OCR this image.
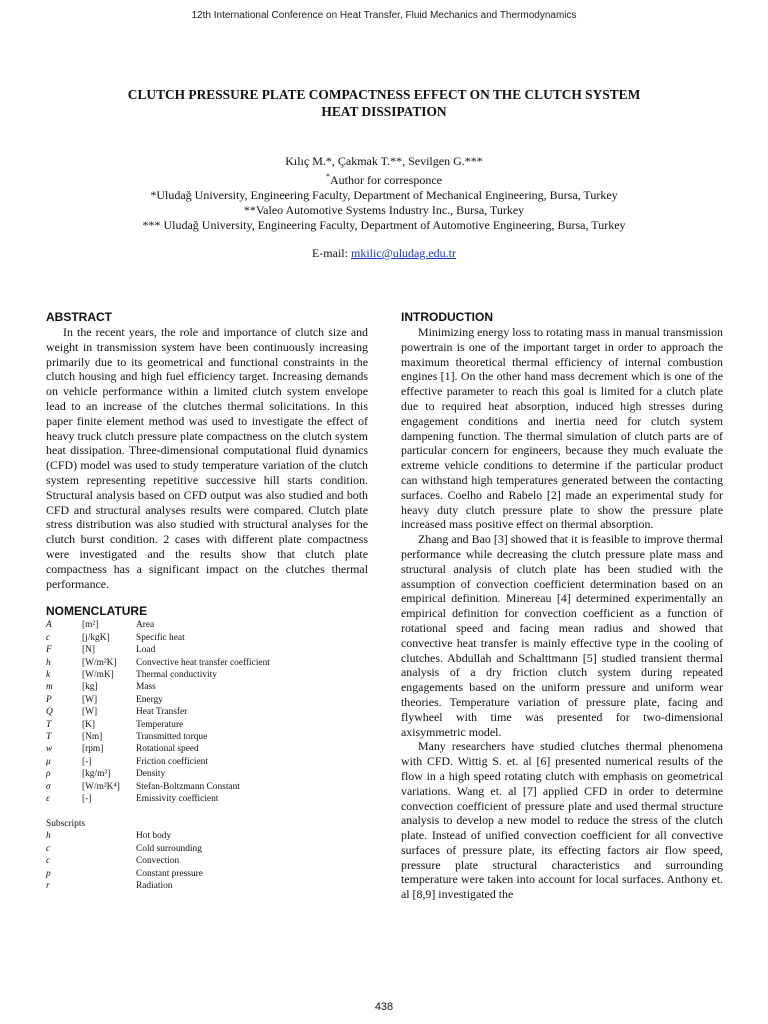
12th International Conference on Heat Transfer, Fluid Mechanics and Thermodynamics
CLUTCH PRESSURE PLATE COMPACTNESS EFFECT ON THE CLUTCH SYSTEM
HEAT DISSIPATION
Kılıç M.*, Çakmak T.**, Sevilgen G.***
*Author for corresponce
*Uludağ University, Engineering Faculty, Department of Mechanical Engineering, Bursa, Turkey
**Valeo Automotive Systems Industry Inc., Bursa, Turkey
*** Uludağ University, Engineering Faculty, Department of Automotive Engineering, Bursa, Turkey
E-mail: mkilic@uludag.edu.tr
ABSTRACT

In the recent years, the role and importance of clutch size and weight in transmission system have been continuously increasing primarily due to its geometrical and functional constraints in the clutch housing and high fuel efficiency target. Increasing demands on vehicle performance within a limited clutch system envelope lead to an increase of the clutches thermal solicitations. In this paper finite element method was used to investigate the effect of heavy truck clutch pressure plate compactness on the clutch system heat dissipation. Three-dimensional computational fluid dynamics (CFD) model was used to study temperature variation of the clutch system representing repetitive successive hill starts condition. Structural analysis based on CFD output was also studied and both CFD and structural analyses results were compared. Clutch plate stress distribution was also studied with structural analyses for the clutch burst condition. 2 cases with different plate compactness were investigated and the results show that clutch plate compactness has a significant impact on the clutches thermal performance.

NOMENCLATURE
A	[m²]	Area
c	[j/kgK]	Specific heat
F	[N]	Load
h	[W/m²K]	Convective heat transfer coefficient
k	[W/mK]	Thermal conductivity
m	[kg]	Mass
P	[W]	Energy
Q	[W]	Heat Transfer
T	[K]	Temperature
T	[Nm]	Transmitted torque
w	[rpm]	Rotational speed
μ	[-]	Friction coefficient
ρ	[kg/m³]	Density
σ	[W/m²K⁴]	Stefan-Boltzmann Constant
ε	[-]	Emissivity coefficient
Subscripts
h	Hot body
c	Cold surrounding
c	Convection
p	Constant pressure
r	Radiation
INTRODUCTION

Minimizing energy loss to rotating mass in manual transmission powertrain is one of the important target in order to approach the maximum theoretical thermal efficiency of internal combustion engines [1]. On the other hand mass decrement which is one of the effective parameter to reach this goal is limited for a clutch plate due to required heat absorption, induced high stresses during engagement conditions and inertia need for clutch system dampening function. The thermal simulation of clutch parts are of particular concern for engineers, because they much evaluate the extreme vehicle conditions to determine if the particular product can withstand high temperatures generated between the contacting surfaces. Coelho and Rabelo [2] made an experimental study for heavy duty clutch pressure plate to show the pressure plate increased mass positive effect on thermal absorption.

Zhang and Bao [3] showed that it is feasible to improve thermal performance while decreasing the clutch pressure plate mass and structural analysis of clutch plate has been studied with the assumption of convection coefficient determination based on an empirical definition. Minereau [4] determined experimentally an empirical definition for convection coefficient as a function of rotational speed and facing mean radius and showed that convective heat transfer is mainly effective type in the cooling of clutches. Abdullah and Schalttmann [5] studied transient thermal analysis of a dry friction clutch system during repeated engagements based on the uniform pressure and uniform wear theories. Temperature variation of pressure plate, facing and flywheel with time was presented for two-dimensional axisymmetric model.

Many researchers have studied clutches thermal phenomena with CFD. Wittig S. et. al [6] presented numerical results of the flow in a high speed rotating clutch with emphasis on geometrical variations. Wang et. al [7] applied CFD in order to determine convection coefficient of pressure plate and used thermal structure analysis to develop a new model to reduce the stress of the clutch plate. Instead of unified convection coefficient for all convective surfaces of pressure plate, its effecting factors air flow speed, pressure plate structural characteristics and surrounding temperature were taken into account for local surfaces. Anthony et. al [8,9] investigated the

438
